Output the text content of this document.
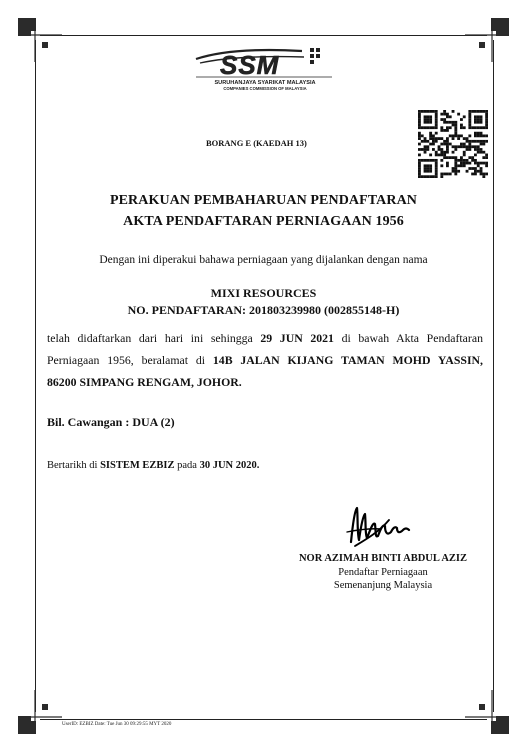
SSM
SURUHANJAYA SYARIKAT MALAYSIA
COMPANIES COMMISSION OF MALAYSIA
BORANG E (KAEDAH 13)
PERAKUAN PEMBAHARUAN PENDAFTARAN
AKTA PENDAFTARAN PERNIAGAAN 1956
Dengan ini diperakui bahawa perniagaan yang dijalankan dengan nama
MIXI RESOURCES
NO. PENDAFTARAN: 201803239980 (002855148-H)
telah didaftarkan dari hari ini sehingga 29 JUN 2021 di bawah Akta Pendaftaran
Perniagaan 1956, beralamat di 14B JALAN KIJANG TAMAN MOHD YASSIN,
86200 SIMPANG RENGAM, JOHOR.
Bil. Cawangan : DUA (2)
Bertarikh di SISTEM EZBIZ pada 30 JUN 2020.
NOR AZIMAH BINTI ABDUL AZIZ
Pendaftar Perniagaan
Semenanjung Malaysia
UserID: EZBIZ Date: Tue Jun 30 09:29:55 MYT 2020
